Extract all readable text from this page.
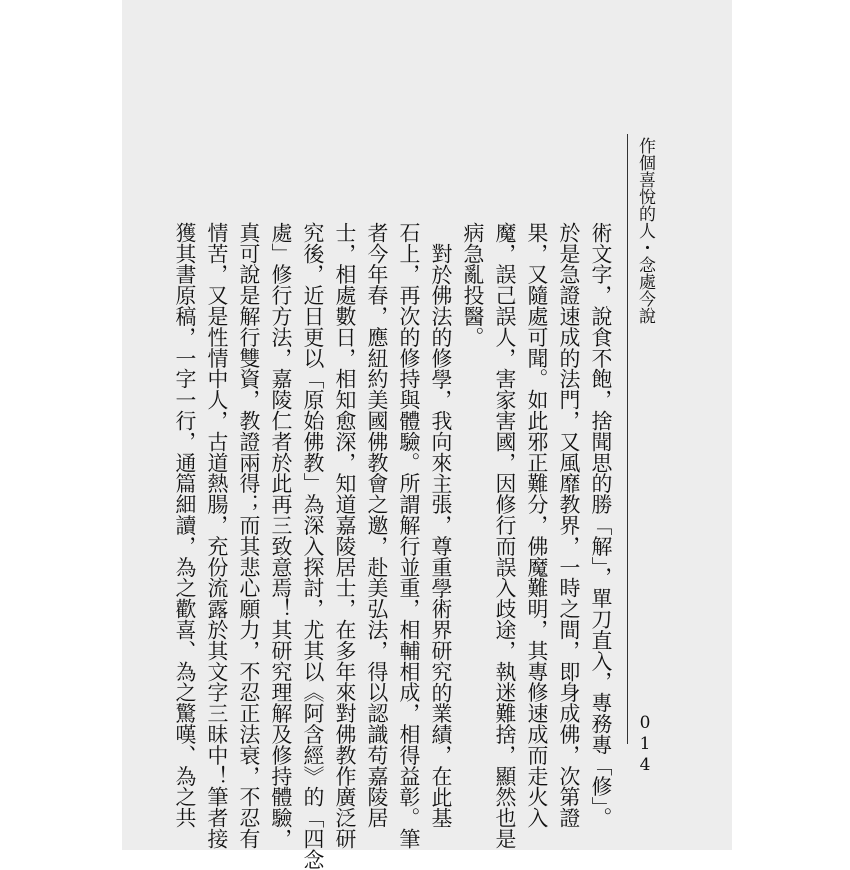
作個喜悅的人・念處今說
014
術文字，說食不飽，捨聞思的勝「解」，單刀直入，專務專「修」。
於是急證速成的法門，又風靡教界，一時之間，即身成佛，次第證
果，又隨處可聞。如此邪正難分，佛魔難明，其專修速成而走火入
魔，誤己誤人，害家害國，因修行而誤入歧途，執迷難捨，顯然也是
病急亂投醫。
對於佛法的修學，我向來主張，尊重學術界研究的業績，在此基
石上，再次的修持與體驗。所謂解行並重，相輔相成，相得益彰。筆
者今年春，應紐約美國佛教會之邀，赴美弘法，得以認識苟嘉陵居
士，相處數日，相知愈深，知道嘉陵居士，在多年來對佛教作廣泛研
究後，近日更以「原始佛教」為深入探討，尤其以《阿含經》的「四念
處」修行方法，嘉陵仁者於此再三致意焉！其研究理解及修持體驗，
真可說是解行雙資，教證兩得；而其悲心願力，不忍正法衰，不忍有
情苦，又是性情中人，古道熱腸，充份流露於其文字三昧中！筆者接
獲其書原稿，一字一行，通篇細讀，為之歡喜、為之驚嘆、為之共
